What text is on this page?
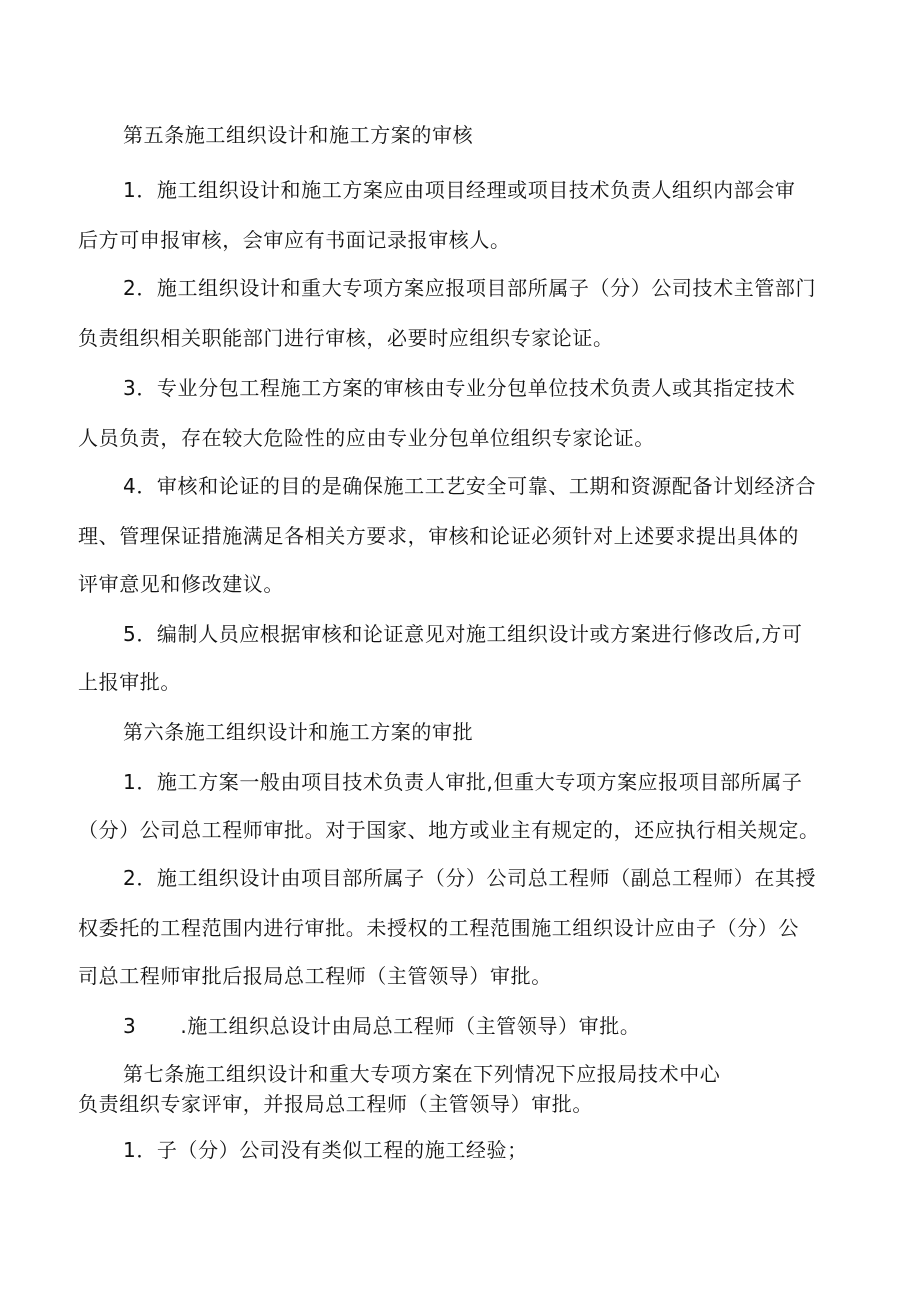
第五条施工组织设计和施工方案的审核

1．施工组织设计和施工方案应由项目经理或项目技术负责人组织内部会审

后方可申报审核，会审应有书面记录报审核人。

2．施工组织设计和重大专项方案应报项目部所属子（分）公司技术主管部门

负责组织相关职能部门进行审核，必要时应组织专家论证。

3．专业分包工程施工方案的审核由专业分包单位技术负责人或其指定技术

人员负责，存在较大危险性的应由专业分包单位组织专家论证。

4．审核和论证的目的是确保施工工艺安全可靠、工期和资源配备计划经济合

理、管理保证措施满足各相关方要求，审核和论证必须针对上述要求提出具体的

评审意见和修改建议。

5．编制人员应根据审核和论证意见对施工组织设计或方案进行修改后,方可

上报审批。

第六条施工组织设计和施工方案的审批

1．施工方案一般由项目技术负责人审批,但重大专项方案应报项目部所属子

（分）公司总工程师审批。对于国家、地方或业主有规定的，还应执行相关规定。

2．施工组织设计由项目部所属子（分）公司总工程师（副总工程师）在其授

权委托的工程范围内进行审批。未授权的工程范围施工组织设计应由子（分）公

司总工程师审批后报局总工程师（主管领导）审批。

3 .施工组织总设计由局总工程师（主管领导）审批。

第七条施工组织设计和重大专项方案在下列情况下应报局技术中心

负责组织专家评审，并报局总工程师（主管领导）审批。

1．子（分）公司没有类似工程的施工经验；
